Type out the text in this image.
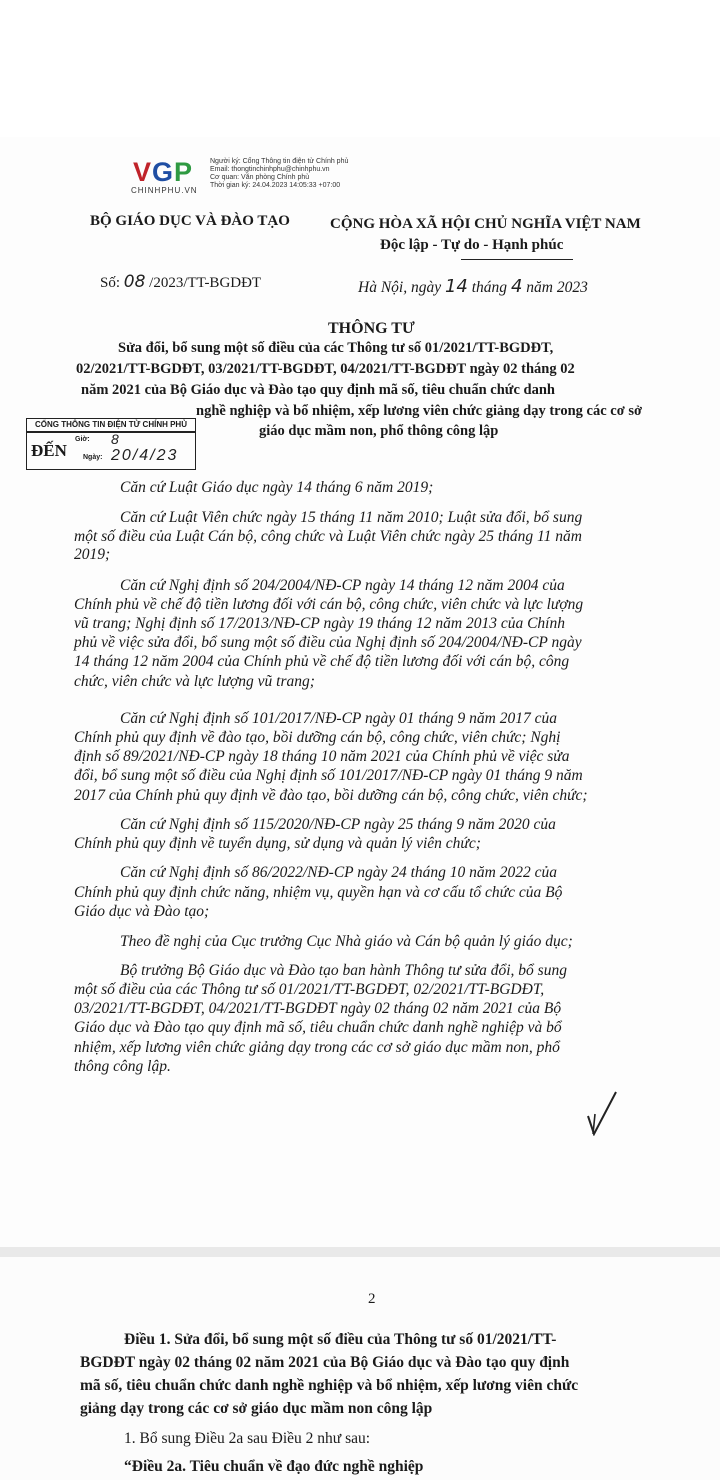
VGP
CHINHPHU.VN
Người ký: Cổng Thông tin điện tử Chính phủ
Email: thongtinchinhphu@chinhphu.vn
Cơ quan: Văn phòng Chính phủ
Thời gian ký: 24.04.2023 14:05:33 +07:00
BỘ GIÁO DỤC VÀ ĐÀO TẠO	CỘNG HÒA XÃ HỘI CHỦ NGHĨA VIỆT NAM
Độc lập - Tự do - Hạnh phúc
Số: 08 /2023/TT-BGDĐT	Hà Nội, ngày 14 tháng 4 năm 2023
THÔNG TƯ
Sửa đổi, bổ sung một số điều của các Thông tư số 01/2021/TT-BGDĐT,
02/2021/TT-BGDĐT, 03/2021/TT-BGDĐT, 04/2021/TT-BGDĐT ngày 02 tháng 02
năm 2021 của Bộ Giáo dục và Đào tạo quy định mã số, tiêu chuẩn chức danh
nghề nghiệp và bổ nhiệm, xếp lương viên chức giảng dạy trong các cơ sở
giáo dục mầm non, phổ thông công lập
CỔNG THÔNG TIN ĐIỆN TỬ CHÍNH PHỦ
ĐẾN
Giờ: 8
Ngày: 20/4/23
Căn cứ Luật Giáo dục ngày 14 tháng 6 năm 2019;
Căn cứ Luật Viên chức ngày 15 tháng 11 năm 2010; Luật sửa đổi, bổ sung
một số điều của Luật Cán bộ, công chức và Luật Viên chức ngày 25 tháng 11 năm
2019;
Căn cứ Nghị định số 204/2004/NĐ-CP ngày 14 tháng 12 năm 2004 của
Chính phủ về chế độ tiền lương đối với cán bộ, công chức, viên chức và lực lượng
vũ trang; Nghị định số 17/2013/NĐ-CP ngày 19 tháng 12 năm 2013 của Chính
phủ về việc sửa đổi, bổ sung một số điều của Nghị định số 204/2004/NĐ-CP ngày
14 tháng 12 năm 2004 của Chính phủ về chế độ tiền lương đối với cán bộ, công
chức, viên chức và lực lượng vũ trang;
Căn cứ Nghị định số 101/2017/NĐ-CP ngày 01 tháng 9 năm 2017 của
Chính phủ quy định về đào tạo, bồi dưỡng cán bộ, công chức, viên chức; Nghị
định số 89/2021/NĐ-CP ngày 18 tháng 10 năm 2021 của Chính phủ về việc sửa
đổi, bổ sung một số điều của Nghị định số 101/2017/NĐ-CP ngày 01 tháng 9 năm
2017 của Chính phủ quy định về đào tạo, bồi dưỡng cán bộ, công chức, viên chức;
Căn cứ Nghị định số 115/2020/NĐ-CP ngày 25 tháng 9 năm 2020 của
Chính phủ quy định về tuyển dụng, sử dụng và quản lý viên chức;
Căn cứ Nghị định số 86/2022/NĐ-CP ngày 24 tháng 10 năm 2022 của
Chính phủ quy định chức năng, nhiệm vụ, quyền hạn và cơ cấu tổ chức của Bộ
Giáo dục và Đào tạo;
Theo đề nghị của Cục trưởng Cục Nhà giáo và Cán bộ quản lý giáo dục;
Bộ trưởng Bộ Giáo dục và Đào tạo ban hành Thông tư sửa đổi, bổ sung
một số điều của các Thông tư số 01/2021/TT-BGDĐT, 02/2021/TT-BGDĐT,
03/2021/TT-BGDĐT, 04/2021/TT-BGDĐT ngày 02 tháng 02 năm 2021 của Bộ
Giáo dục và Đào tạo quy định mã số, tiêu chuẩn chức danh nghề nghiệp và bổ
nhiệm, xếp lương viên chức giảng dạy trong các cơ sở giáo dục mầm non, phổ
thông công lập.
2
Điều 1. Sửa đổi, bổ sung một số điều của Thông tư số 01/2021/TT-
BGDĐT ngày 02 tháng 02 năm 2021 của Bộ Giáo dục và Đào tạo quy định
mã số, tiêu chuẩn chức danh nghề nghiệp và bổ nhiệm, xếp lương viên chức
giảng dạy trong các cơ sở giáo dục mầm non công lập
1. Bổ sung Điều 2a sau Điều 2 như sau:
“Điều 2a. Tiêu chuẩn về đạo đức nghề nghiệp
